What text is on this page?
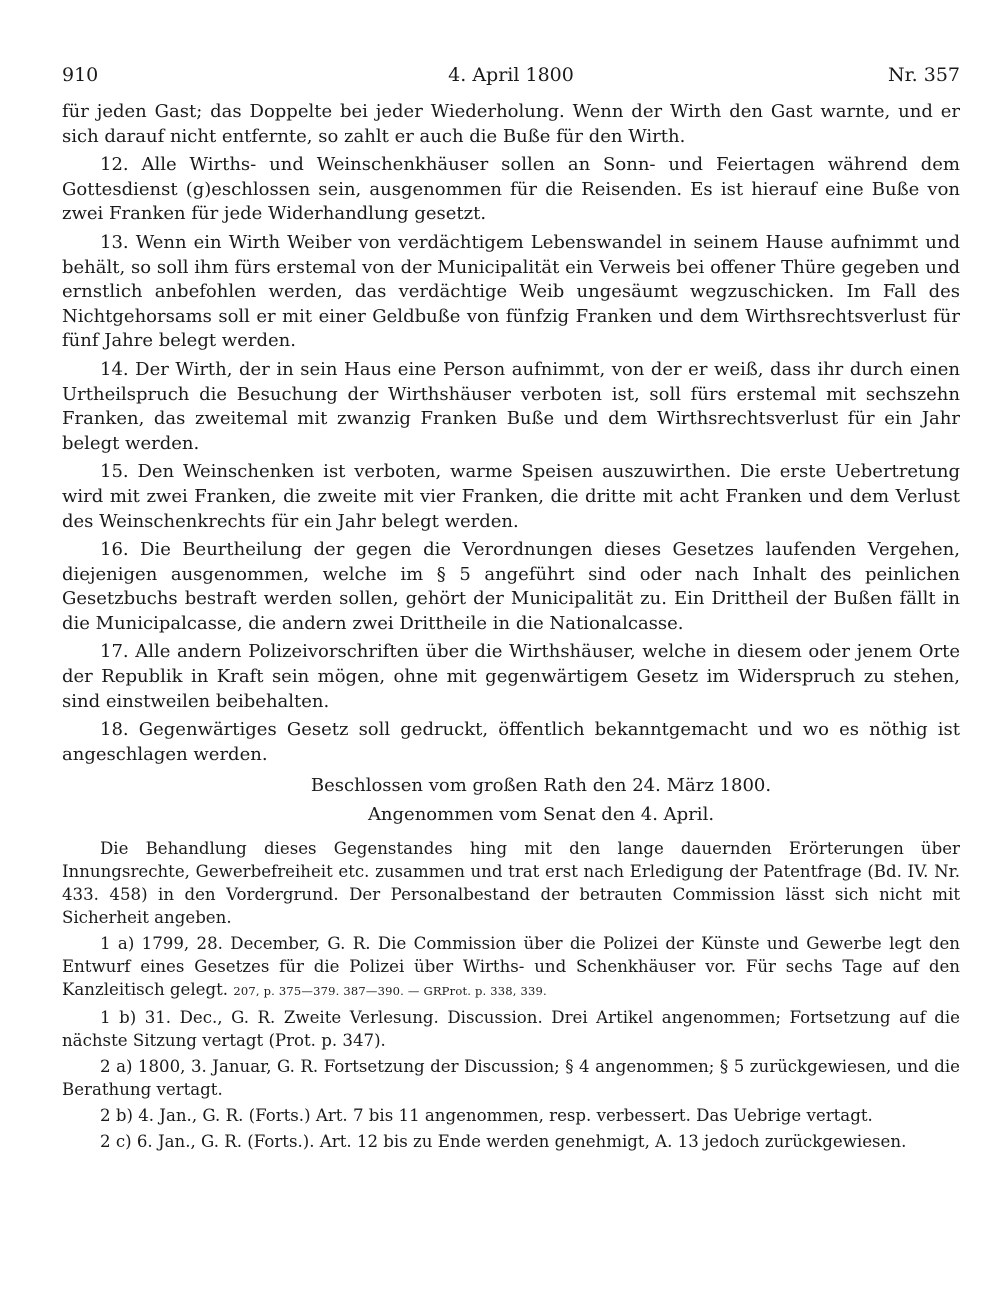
910	4. April 1800	Nr. 357

für jeden Gast; das Doppelte bei jeder Wiederholung. Wenn der Wirth den Gast warnte, und er sich darauf nicht entfernte, so zahlt er auch die Buße für den Wirth.

12. Alle Wirths- und Weinschenkhäuser sollen an Sonn- und Feiertagen während dem Gottesdienst (g)eschlossen sein, ausgenommen für die Reisenden. Es ist hierauf eine Buße von zwei Franken für jede Widerhandlung gesetzt.

13. Wenn ein Wirth Weiber von verdächtigem Lebenswandel in seinem Hause aufnimmt und behält, so soll ihm fürs erstemal von der Municipalität ein Verweis bei offener Thüre gegeben und ernstlich anbefohlen werden, das verdächtige Weib ungesäumt wegzuschicken. Im Fall des Nichtgehorsams soll er mit einer Geldbuße von fünfzig Franken und dem Wirthsrechtsverlust für fünf Jahre belegt werden.

14. Der Wirth, der in sein Haus eine Person aufnimmt, von der er weiß, dass ihr durch einen Urtheilspruch die Besuchung der Wirthshäuser verboten ist, soll fürs erstemal mit sechszehn Franken, das zweitemal mit zwanzig Franken Buße und dem Wirthsrechtsverlust für ein Jahr belegt werden.

15. Den Weinschenken ist verboten, warme Speisen auszuwirthen. Die erste Uebertretung wird mit zwei Franken, die zweite mit vier Franken, die dritte mit acht Franken und dem Verlust des Weinschenkrechts für ein Jahr belegt werden.

16. Die Beurtheilung der gegen die Verordnungen dieses Gesetzes laufenden Vergehen, diejenigen ausgenommen, welche im § 5 angeführt sind oder nach Inhalt des peinlichen Gesetzbuchs bestraft werden sollen, gehört der Municipalität zu. Ein Drittheil der Bußen fällt in die Municipalcasse, die andern zwei Drittheile in die Nationalcasse.

17. Alle andern Polizeivorschriften über die Wirthshäuser, welche in diesem oder jenem Orte der Republik in Kraft sein mögen, ohne mit gegenwärtigem Gesetz im Widerspruch zu stehen, sind einstweilen beibehalten.

18. Gegenwärtiges Gesetz soll gedruckt, öffentlich bekanntgemacht und wo es nöthig ist angeschlagen werden.

Beschlossen vom großen Rath den 24. März 1800.

Angenommen vom Senat den 4. April.

Die Behandlung dieses Gegenstandes hing mit den lange dauernden Erörterungen über Innungsrechte, Gewerbefreiheit etc. zusammen und trat erst nach Erledigung der Patentfrage (Bd. IV. Nr. 433. 458) in den Vordergrund. Der Personalbestand der betrauten Commission lässt sich nicht mit Sicherheit angeben.

1 a) 1799, 28. December, G. R. Die Commission über die Polizei der Künste und Gewerbe legt den Entwurf eines Gesetzes für die Polizei über Wirths- und Schenkhäuser vor. Für sechs Tage auf den Kanzleitisch gelegt. 207, p. 375—379. 387—390. — GRProt. p. 338, 339.

1 b) 31. Dec., G. R. Zweite Verlesung. Discussion. Drei Artikel angenommen; Fortsetzung auf die nächste Sitzung vertagt (Prot. p. 347).

2 a) 1800, 3. Januar, G. R. Fortsetzung der Discussion; § 4 angenommen; § 5 zurückgewiesen, und die Berathung vertagt.

2 b) 4. Jan., G. R. (Forts.) Art. 7 bis 11 angenommen, resp. verbessert. Das Uebrige vertagt.

2 c) 6. Jan., G. R. (Forts.). Art. 12 bis zu Ende werden genehmigt, A. 13 jedoch zurückgewiesen.
